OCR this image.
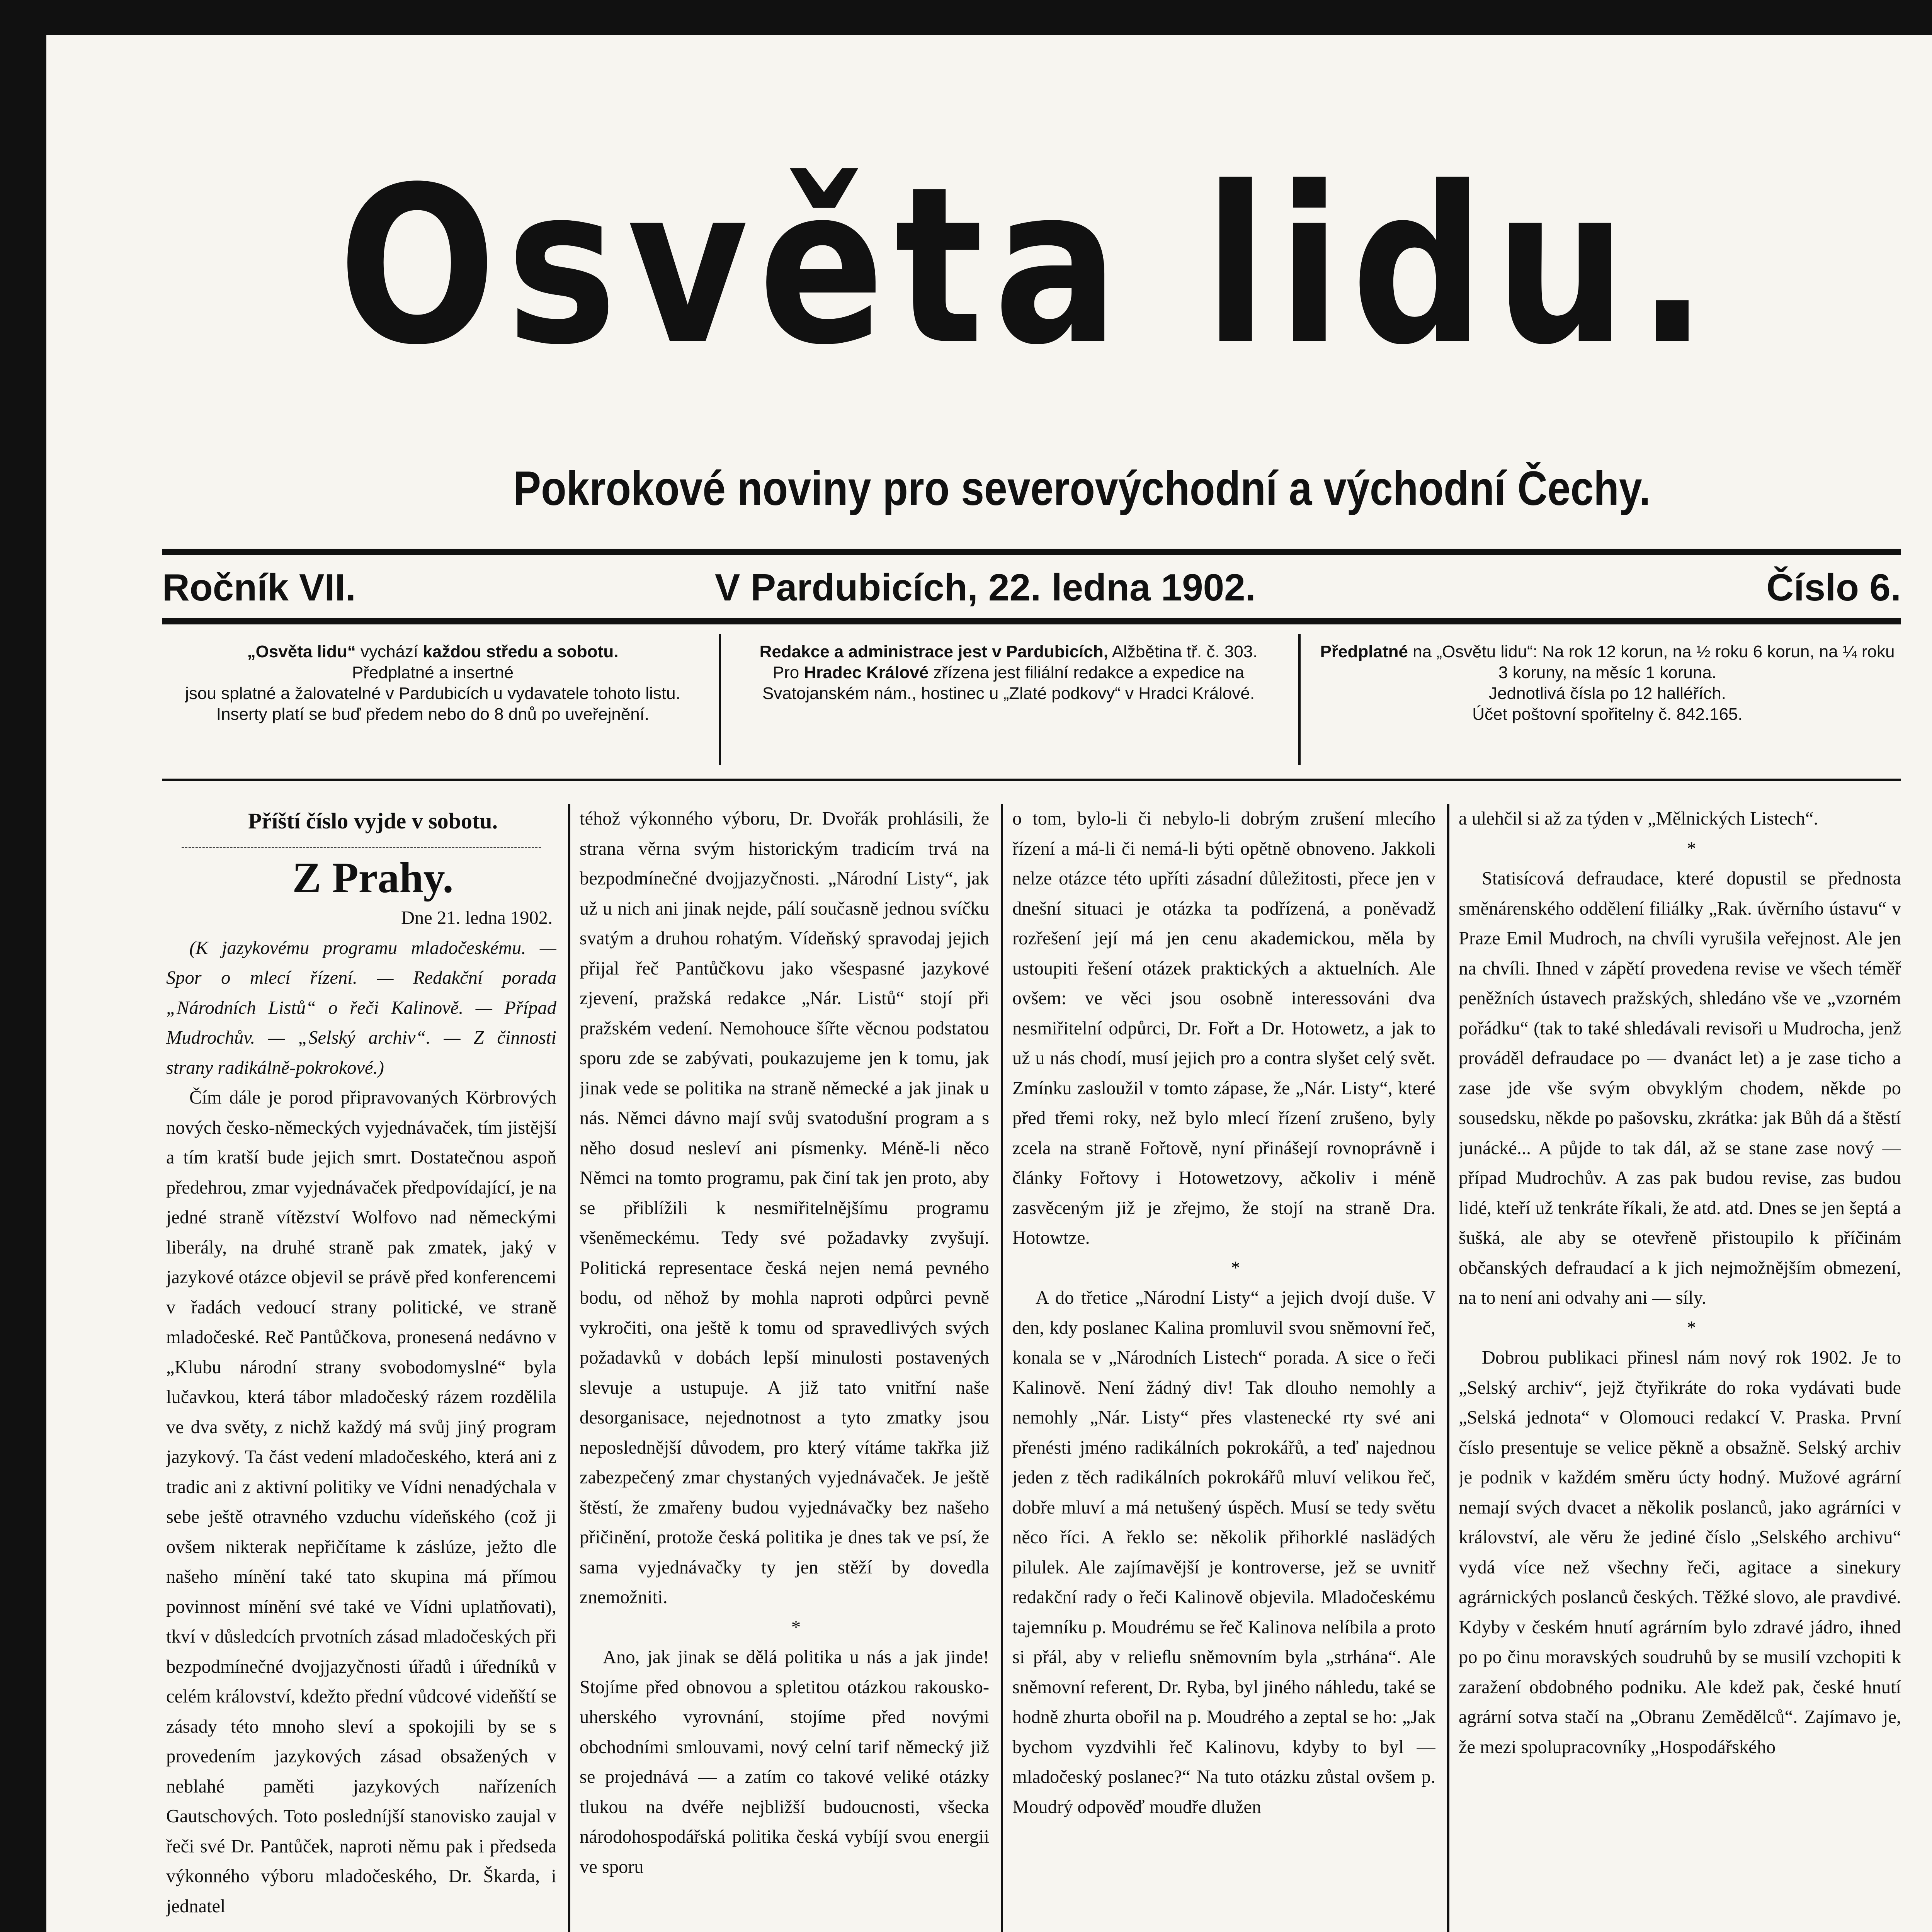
Osvěta lidu.
Pokrokové noviny pro severovýchodní a východní Čechy.
Ročník VII.	V Pardubicích, 22. ledna 1902.	Číslo 6.
„Osvěta lidu“ vychází každou středu a sobotu.
Předplatné a insertné
jsou splatné a žalovatelné v Pardubicích u vydavatele tohoto listu. Inserty platí se buď předem nebo do 8 dnů po uveřejnění.
Redakce a administrace jest v Pardubicích, Alžbětina tř. č. 303.
Pro Hradec Králové zřízena jest filiální redakce a expedice na Svatojanském nám., hostinec u „Zlaté podkovy“ v Hradci Králové.
Předplatné na „Osvětu lidu“: Na rok 12 korun, na ½ roku 6 korun, na ¼ roku 3 koruny, na měsíc 1 koruna.
Jednotlivá čísla po 12 halléřích.
Účet poštovní spořitelny č. 842.165.

Příští číslo vyjde v sobotu.

Z Prahy.

Dne 21. ledna 1902.

(K jazykovému programu mladočeskému. — Spor o mlecí řízení. — Redakční porada „Národních Listů“ o řeči Kalinově. — Případ Mudrochův. — „Selský archiv“. — Z činnosti strany radikálně-pokrokové.)

Čím dále je porod připravovaných Körbrových nových česko-německých vyjednávaček, tím jistější a tím kratší bude jejich smrt. Dostatečnou aspoň předehrou, zmar vyjednávaček předpovídající, je na jedné straně vítězství Wolfovo nad německými liberály, na druhé straně pak zmatek, jaký v jazykové otázce objevil se právě před konferencemi v řadách vedoucí strany politické, ve straně mladočeské. Reč Pantůčkova, pronesená nedávno v „Klubu národní strany svobodomyslné“ byla lučavkou, která tábor mladočeský rázem rozdělila ve dva světy, z nichž každý má svůj jiný program jazykový. Ta část vedení mladočeského, která ani z tradic ani z aktivní politiky ve Vídni nenadýchala v sebe ještě otravného vzduchu vídeňského (což ji ovšem nikterak nepřičítame k záslúze, ježto dle našeho mínění také tato skupina má přímou povinnost mínění své také ve Vídni uplatňovati), tkví v důsledcích prvotních zásad mladočeských při bezpodmínečné dvojjazyčnosti úřadů i úředníků v celém království, kdežto přední vůdcové videňští se zásady této mnoho sleví a spokojili by se s provedením jazykových zásad obsažených v neblahé paměti jazykových nařízeních Gautschových. Toto posledníjší stanovisko zaujal v řeči své Dr. Pantůček, naproti němu pak i předseda výkonného výboru mladočeského, Dr. Škarda, i jednatel

téhož výkonného výboru, Dr. Dvořák prohlásili, že strana věrna svým historickým tradicím trvá na bezpodmínečné dvojjazyčnosti. „Národní Listy“, jak už u nich ani jinak nejde, pálí současně jednou svíčku svatým a druhou rohatým. Vídeňský spravodaj jejich přijal řeč Pantůčkovu jako všespasné jazykové zjevení, pražská redakce „Nár. Listů“ stojí při pražském vedení. Nemohouce šířte věcnou podstatou sporu zde se zabývati, poukazujeme jen k tomu, jak jinak vede se politika na straně německé a jak jinak u nás. Němci dávno mají svůj svatodušní program a s něho dosud nesleví ani písmenky. Méně-li něco Němci na tomto programu, pak činí tak jen proto, aby se přiblížili k nesmiřitelnějšímu programu všeněmeckému. Tedy své požadavky zvyšují. Politická representace česká nejen nemá pevného bodu, od něhož by mohla naproti odpůrci pevně vykročiti, ona ještě k tomu od spravedlivých svých požadavků v dobách lepší minulosti postavených slevuje a ustupuje. A již tato vnitřní naše desorganisace, nejednotnost a tyto zmatky jsou neposlednější důvodem, pro který vítáme takřka již zabezpečený zmar chystaných vyjednávaček. Je ještě štěstí, že zmařeny budou vyjednávačky bez našeho přičinění, protože česká politika je dnes tak ve psí, že sama vyjednávačky ty jen stěží by dovedla znemožniti.

*

Ano, jak jinak se dělá politika u nás a jak jinde! Stojíme před obnovou a spletitou otázkou rakousko-uherského vyrovnání, stojíme před novými obchodními smlouvami, nový celní tarif německý již se projednává — a zatím co takové veliké otázky tlukou na dvéře nejbližší budoucnosti, všecka národohospodářská politika česká vybíjí svou energii ve sporu

o tom, bylo-li či nebylo-li dobrým zrušení mlecího řízení a má-li či nemá-li býti opětně obnoveno. Jakkoli nelze otázce této upříti zásadní důležitosti, přece jen v dnešní situaci je otázka ta podřízená, a poněvadž rozřešení její má jen cenu akademickou, měla by ustoupiti řešení otázek praktických a aktuelních. Ale ovšem: ve věci jsou osobně interessováni dva nesmiřitelní odpůrci, Dr. Fořt a Dr. Hotowetz, a jak to už u nás chodí, musí jejich pro a contra slyšet celý svět. Zmínku zasloužil v tomto zápase, že „Nár. Listy“, které před třemi roky, než bylo mlecí řízení zrušeno, byly zcela na straně Fořtově, nyní přinášejí rovnoprávně i články Fořtovy i Hotowetzovy, ačkoliv i méně zasvěceným již je zřejmo, že stojí na straně Dra. Hotowtze.

*

A do třetice „Národní Listy“ a jejich dvojí duše. V den, kdy poslanec Kalina promluvil svou sněmovní řeč, konala se v „Národních Listech“ porada. A sice o řeči Kalinově. Není žádný div! Tak dlouho nemohly a nemohly „Nár. Listy“ přes vlastenecké rty své ani přenésti jméno radikálních pokrokářů, a teď najednou jeden z těch radikálních pokrokářů mluví velikou řeč, dobře mluví a má netušený úspěch. Musí se tedy světu něco říci. A řeklo se: několik přihorklé naslädých pilulek. Ale zajímavější je kontroverse, jež se uvnitř redakční rady o řeči Kalinově objevila. Mladočeskému tajemníku p. Moudrému se řeč Kalinova nelíbila a proto si přál, aby v relieﬂu sněmovním byla „strhána“. Ale sněmovní referent, Dr. Ryba, byl jiného náhledu, také se hodně zhurta obořil na p. Moudrého a zeptal se ho: „Jak bychom vyzdvihli řeč Kalinovu, kdyby to byl — mladočeský poslanec?“ Na tuto otázku zůstal ovšem p. Moudrý odpověď moudře dlužen

a ulehčil si až za týden v „Mělnických Listech“.

*

Statisícová defraudace, které dopustil se přednosta směnárenského oddělení filiálky „Rak. úvěrního ústavu“ v Praze Emil Mudroch, na chvíli vyrušila veřejnost. Ale jen na chvíli. Ihned v zápětí provedena revise ve všech téměř peněžních ústavech pražských, shledáno vše ve „vzorném pořádku“ (tak to také shledávali revisoři u Mudrocha, jenž prováděl defraudace po — dvanáct let) a je zase ticho a zase jde vše svým obvyklým chodem, někde po sousedsku, někde po pašovsku, zkrátka: jak Bůh dá a štěstí junácké... A půjde to tak dál, až se stane zase nový — případ Mudrochův. A zas pak budou revise, zas budou lidé, kteří už tenkráte říkali, že atd. atd. Dnes se jen šeptá a šušká, ale aby se otevřeně přistoupilo k příčinám občanských defraudací a k jich nejmožnějším obmezení, na to není ani odvahy ani — síly.

*

Dobrou publikaci přinesl nám nový rok 1902. Je to „Selský archiv“, jejž čtyřikráte do roka vydávati bude „Selská jednota“ v Olomouci redakcí V. Praska. První číslo presentuje se velice pěkně a obsažně. Selský archiv je podnik v každém směru úcty hodný. Mužové agrární nemají svých dvacet a několik poslanců, jako agrárníci v království, ale věru že jediné číslo „Selského archivu“ vydá více než všechny řeči, agitace a sinekury agrárnických poslanců českých. Těžké slovo, ale pravdivé. Kdyby v českém hnutí agrárním bylo zdravé jádro, ihned po po činu moravských soudruhů by se musilí vzchopiti k zaražení obdobného podniku. Ale kdež pak, české hnutí agrární sotva stačí na „Obranu Zemědělců“. Zajímavo je, že mezi spolupracovníky „Hospodářského
